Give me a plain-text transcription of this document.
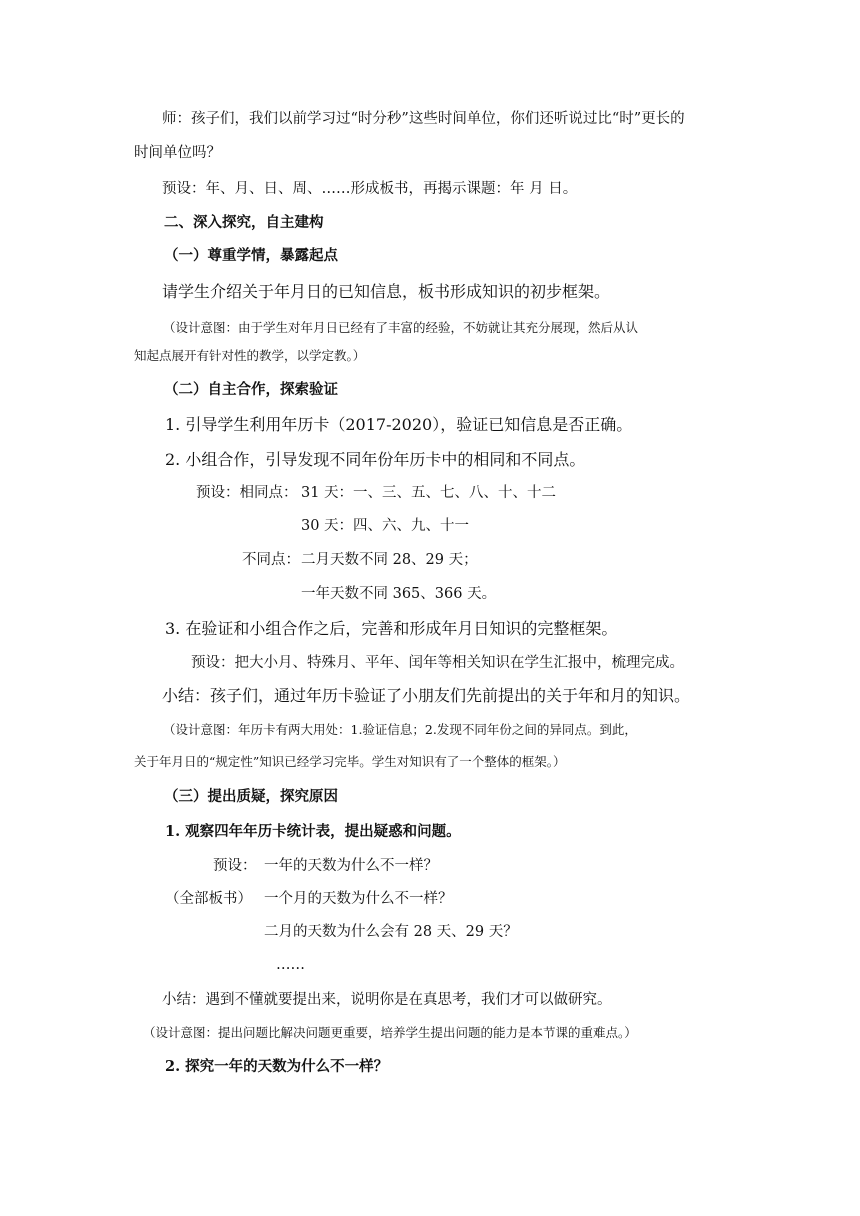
师：孩子们，我们以前学习过“时分秒”这些时间单位，你们还听说过比“时”更长的
时间单位吗？
预设：年、月、日、周、……形成板书，再揭示课题：年 月 日。
二、深入探究，自主建构
（一）尊重学情，暴露起点
请学生介绍关于年月日的已知信息，板书形成知识的初步框架。
（设计意图：由于学生对年月日已经有了丰富的经验，不妨就让其充分展现，然后从认
知起点展开有针对性的教学，以学定教。）
（二）自主合作，探索验证
1. 引导学生利用年历卡（2017-2020），验证已知信息是否正确。
2. 小组合作，引导发现不同年份年历卡中的相同和不同点。
预设：相同点： 31 天：一、三、五、七、八、十、十二
30 天：四、六、九、十一
不同点： 二月天数不同 28、29 天；
一年天数不同 365、366 天。
3. 在验证和小组合作之后，完善和形成年月日知识的完整框架。
预设：把大小月、特殊月、平年、闰年等相关知识在学生汇报中，梳理完成。
小结：孩子们，通过年历卡验证了小朋友们先前提出的关于年和月的知识。
（设计意图：年历卡有两大用处：1.验证信息；2.发现不同年份之间的异同点。到此，
关于年月日的“规定性”知识已经学习完毕。学生对知识有了一个整体的框架。）
（三）提出质疑，探究原因
1. 观察四年年历卡统计表，提出疑惑和问题。
预设： 一年的天数为什么不一样？
（全部板书） 一个月的天数为什么不一样？
二月的天数为什么会有 28 天、29 天？
……
小结：遇到不懂就要提出来，说明你是在真思考，我们才可以做研究。
（设计意图：提出问题比解决问题更重要，培养学生提出问题的能力是本节课的重难点。）
2. 探究一年的天数为什么不一样？
